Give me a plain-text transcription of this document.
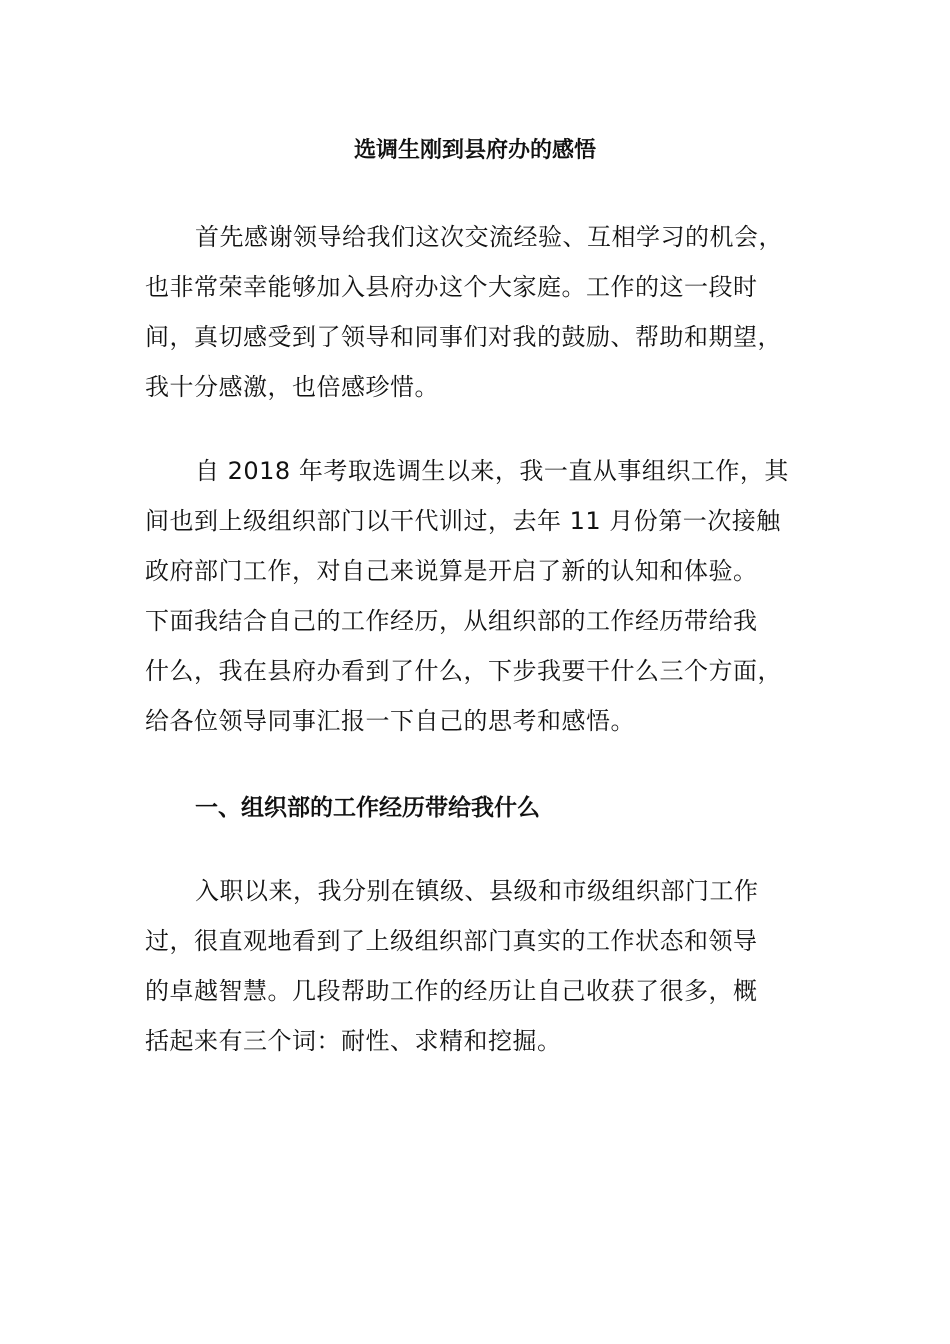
选调生刚到县府办的感悟
首先感谢领导给我们这次交流经验、互相学习的机会，
也非常荣幸能够加入县府办这个大家庭。工作的这一段时
间，真切感受到了领导和同事们对我的鼓励、帮助和期望，
我十分感激，也倍感珍惜。
自 2018 年考取选调生以来，我一直从事组织工作，其
间也到上级组织部门以干代训过，去年 11 月份第一次接触
政府部门工作，对自己来说算是开启了新的认知和体验。
下面我结合自己的工作经历，从组织部的工作经历带给我
什么，我在县府办看到了什么，下步我要干什么三个方面，
给各位领导同事汇报一下自己的思考和感悟。
一、组织部的工作经历带给我什么
入职以来，我分别在镇级、县级和市级组织部门工作
过，很直观地看到了上级组织部门真实的工作状态和领导
的卓越智慧。几段帮助工作的经历让自己收获了很多，概
括起来有三个词：耐性、求精和挖掘。
